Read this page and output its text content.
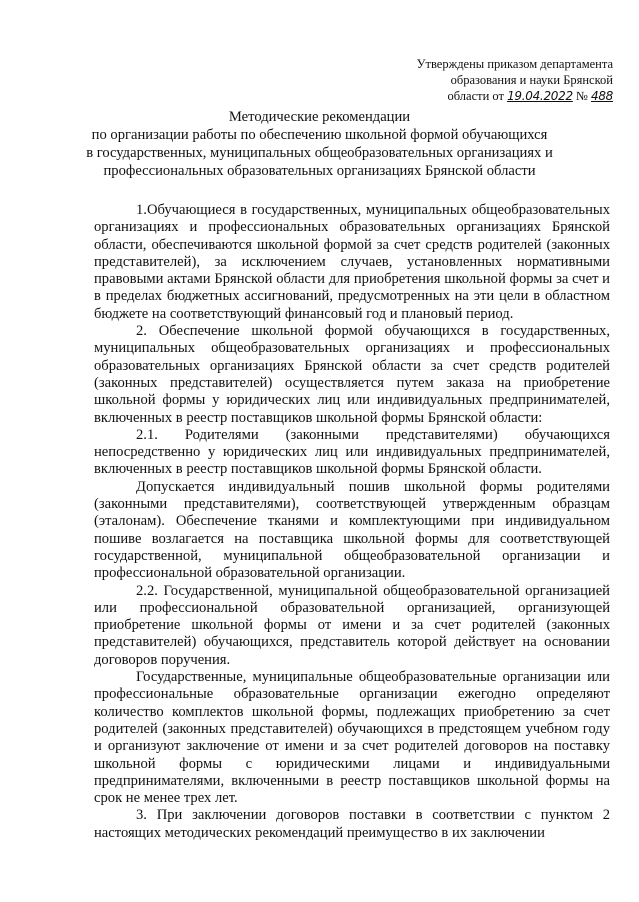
Утверждены приказом департамента
образования и науки Брянской
области от 19.04.2022 № 488
Методические рекомендации
по организации работы по обеспечению школьной формой обучающихся
в государственных, муниципальных общеобразовательных организациях и
профессиональных образовательных организациях Брянской области

1.Обучающиеся в государственных, муниципальных общеобразовательных организациях и профессиональных образовательных организациях Брянской области, обеспечиваются школьной формой за счет средств родителей (законных представителей), за исключением случаев, установленных нормативными правовыми актами Брянской области для приобретения школьной формы за счет и в пределах бюджетных ассигнований, предусмотренных на эти цели в областном бюджете на соответствующий финансовый год и плановый период.

2. Обеспечение школьной формой обучающихся в государственных, муниципальных общеобразовательных организациях и профессиональных образовательных организациях Брянской области за счет средств родителей (законных представителей) осуществляется путем заказа на приобретение школьной формы у юридических лиц или индивидуальных предпринимателей, включенных в реестр поставщиков школьной формы Брянской области:

2.1. Родителями (законными представителями) обучающихся непосредственно у юридических лиц или индивидуальных предпринимателей, включенных в реестр поставщиков школьной формы Брянской области.

Допускается индивидуальный пошив школьной формы родителями (законными представителями), соответствующей утвержденным образцам (эталонам). Обеспечение тканями и комплектующими при индивидуальном пошиве возлагается на поставщика школьной формы для соответствующей государственной, муниципальной общеобразовательной организации и профессиональной образовательной организации.

2.2. Государственной, муниципальной общеобразовательной организацией или профессиональной образовательной организацией, организующей приобретение школьной формы от имени и за счет родителей (законных представителей) обучающихся, представитель которой действует на основании договоров поручения.

Государственные, муниципальные общеобразовательные организации или профессиональные образовательные организации ежегодно определяют количество комплектов школьной формы, подлежащих приобретению за счет родителей (законных представителей) обучающихся в предстоящем учебном году и организуют заключение от имени и за счет родителей договоров на поставку школьной формы с юридическими лицами и индивидуальными предпринимателями, включенными в реестр поставщиков школьной формы на срок не менее трех лет.

3. При заключении договоров поставки в соответствии с пунктом 2 настоящих методических рекомендаций преимущество в их заключении
